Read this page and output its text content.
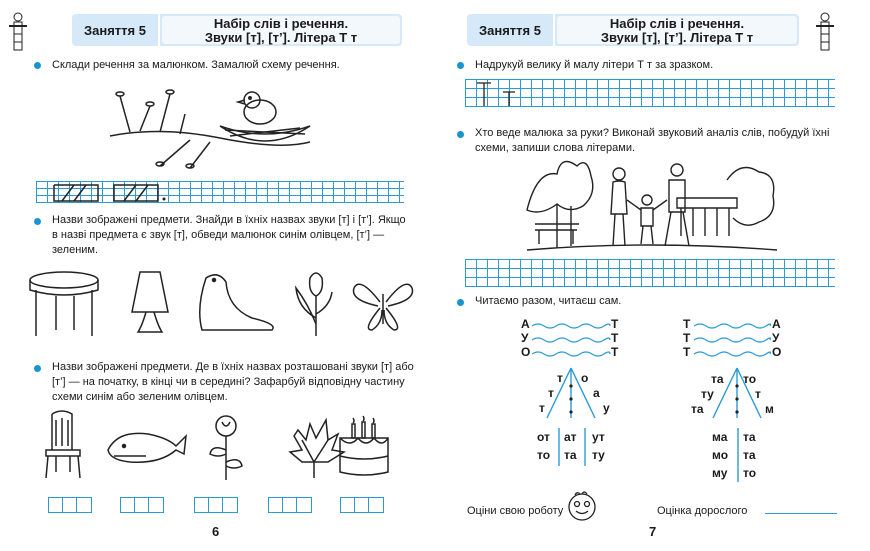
Заняття 5	Набір слів і речення.
Звуки [т], [т’]. Літера Т т
Склади речення за малюнком. Замалюй схему речення.
Назви зображені предмети. Знайди в їхніх назвах звуки [т] і [т’]. Якщо в назві предмета є звук [т], обведи малюнок синім олівцем, [т’] — зеленим.
Назви зображені предмети. Де в їхніх назвах розташовані звуки [т] або [т’] — на початку, в кінці чи в середині? Зафарбуй відповідну частину схеми синім або зеленим олівцем.
6
Заняття 5	Набір слів і речення.
Звуки [т], [т’]. Літера Т т
Надрукуй велику й малу літери Т т за зразком.
Хто веде малюка за руки? Виконай звуковий аналіз слів, побудуй їхні схеми, запиши слова літерами.
Читаємо разом, читаєш сам.
А	Т
У	Т
О	Т
Т	А
Т	У
Т	О
т о
т	а
т	у
та то
ту	т
та	м
от ат ут
то та ту
ма та
мо та
му то
Оціни свою роботу	Оцінка дорослого
7
